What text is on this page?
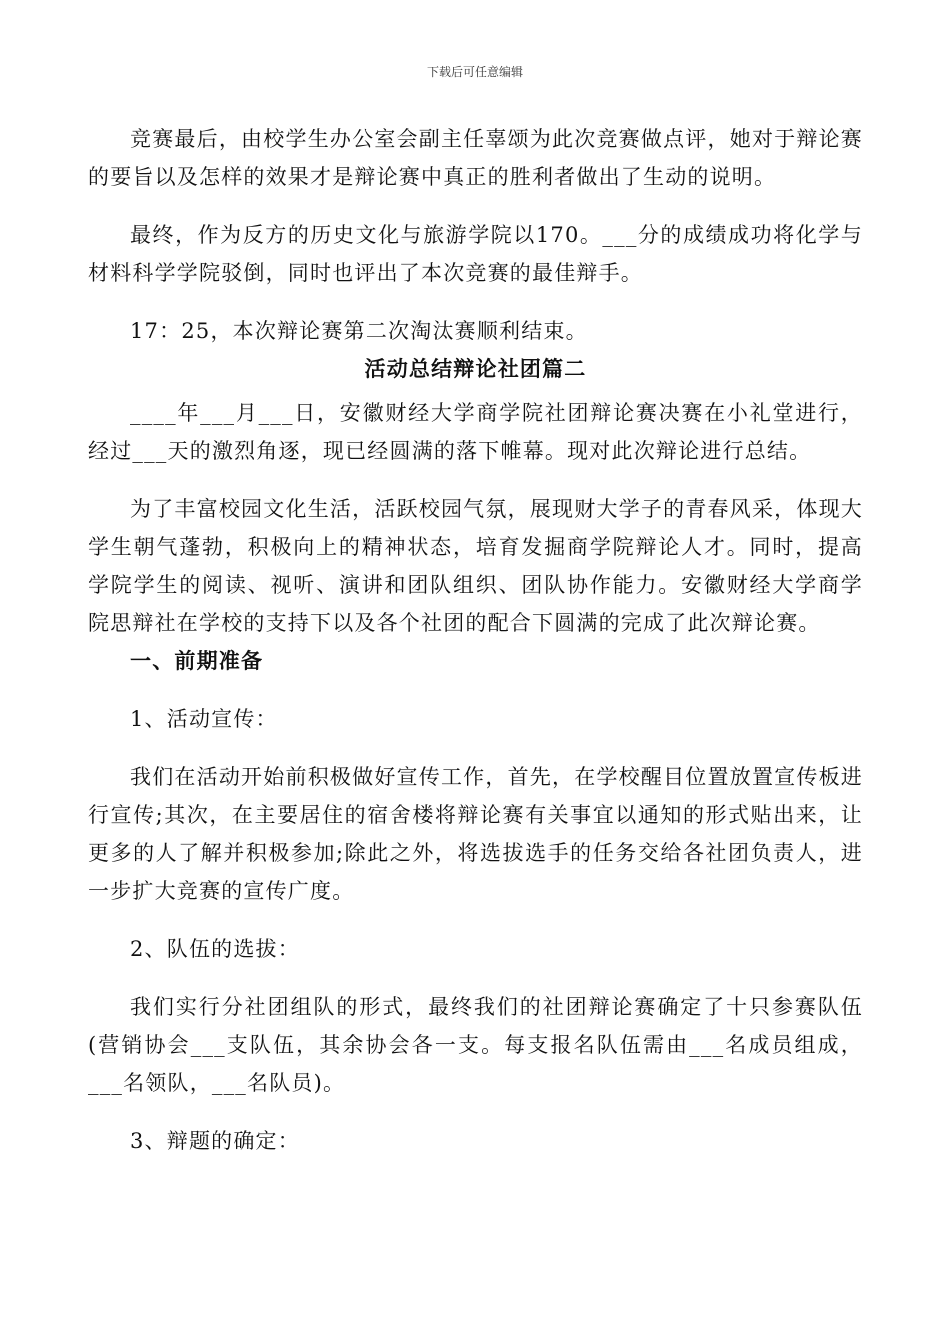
下载后可任意编辑

竞赛最后，由校学生办公室会副主任辜颂为此次竞赛做点评，她对于辩论赛的要旨以及怎样的效果才是辩论赛中真正的胜利者做出了生动的说明。

最终，作为反方的历史文化与旅游学院以170。___分的成绩成功将化学与材料科学学院驳倒，同时也评出了本次竞赛的最佳辩手。

17：25，本次辩论赛第二次淘汰赛顺利结束。

活动总结辩论社团篇二

____年___月___日，安徽财经大学商学院社团辩论赛决赛在小礼堂进行，经过___天的激烈角逐，现已经圆满的落下帷幕。现对此次辩论进行总结。

为了丰富校园文化生活，活跃校园气氛，展现财大学子的青春风采，体现大学生朝气蓬勃，积极向上的精神状态，培育发掘商学院辩论人才。同时，提高学院学生的阅读、视听、演讲和团队组织、团队协作能力。安徽财经大学商学院思辩社在学校的支持下以及各个社团的配合下圆满的完成了此次辩论赛。

一、前期准备

1、活动宣传：

我们在活动开始前积极做好宣传工作，首先，在学校醒目位置放置宣传板进行宣传;其次，在主要居住的宿舍楼将辩论赛有关事宜以通知的形式贴出来，让更多的人了解并积极参加;除此之外，将选拔选手的任务交给各社团负责人，进一步扩大竞赛的宣传广度。

2、队伍的选拔：

我们实行分社团组队的形式，最终我们的社团辩论赛确定了十只参赛队伍(营销协会___支队伍，其余协会各一支。每支报名队伍需由___名成员组成，___名领队，___名队员)。

3、辩题的确定：
